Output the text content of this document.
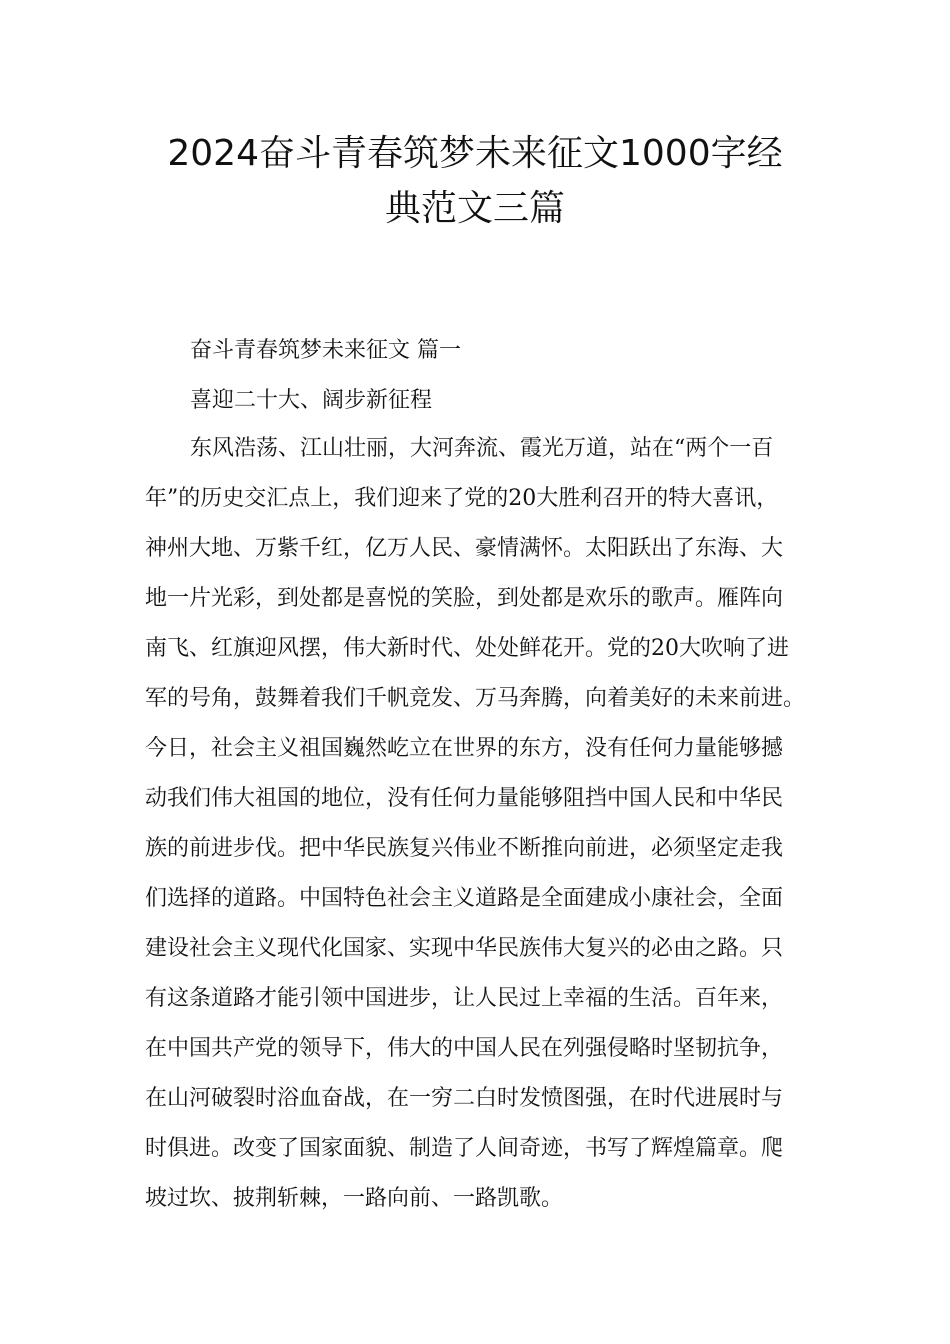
2024奋斗青春筑梦未来征文1000字经
典范文三篇

奋斗青春筑梦未来征文 篇一

喜迎二十大、阔步新征程

东风浩荡、江山壮丽，大河奔流、霞光万道，站在“两个一百
年”的历史交汇点上，我们迎来了党的20大胜利召开的特大喜讯，
神州大地、万紫千红，亿万人民、豪情满怀。太阳跃出了东海、大
地一片光彩，到处都是喜悦的笑脸，到处都是欢乐的歌声。雁阵向
南飞、红旗迎风摆，伟大新时代、处处鲜花开。党的20大吹响了进
军的号角，鼓舞着我们千帆竞发、万马奔腾，向着美好的未来前进。
今日，社会主义祖国巍然屹立在世界的东方，没有任何力量能够撼
动我们伟大祖国的地位，没有任何力量能够阻挡中国人民和中华民
族的前进步伐。把中华民族复兴伟业不断推向前进，必须坚定走我
们选择的道路。中国特色社会主义道路是全面建成小康社会，全面
建设社会主义现代化国家、实现中华民族伟大复兴的必由之路。只
有这条道路才能引领中国进步，让人民过上幸福的生活。百年来，
在中国共产党的领导下，伟大的中国人民在列强侵略时坚韧抗争，
在山河破裂时浴血奋战，在一穷二白时发愤图强，在时代进展时与
时俱进。改变了国家面貌、制造了人间奇迹，书写了辉煌篇章。爬
坡过坎、披荆斩棘，一路向前、一路凯歌。
